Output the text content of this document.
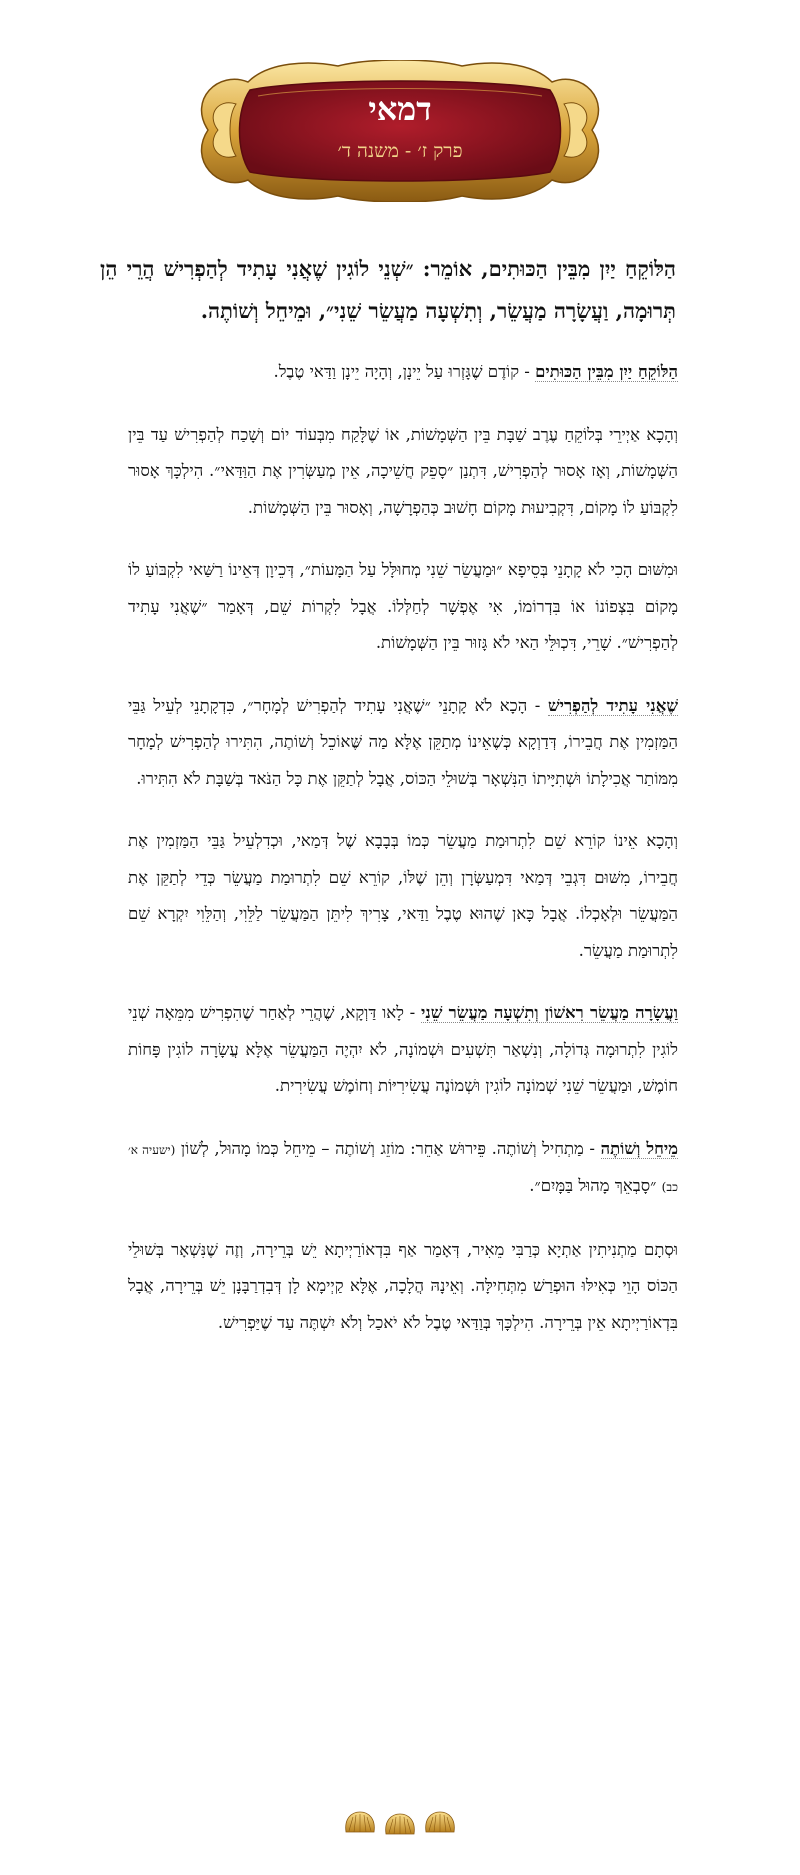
דמאי
פרק ז׳ - משנה ד׳

הַלּוֹקֵחַ יַיִן מִבֵּין הַכּוּתִים, אוֹמֵר: ״שְׁנֵי לוֹגִין שֶׁאֲנִי עָתִיד לְהַפְרִישׁ הֲרֵי הֵן תְּרוּמָה, וַעֲשָׂרָה מַעֲשֵׂר, וְתִשְׁעָה מַעֲשֵׂר שֵׁנִי״, וּמֵיחֵל וְשׁוֹתֶה.

הַלּוֹקֵחַ יַיִן מִבֵּין הַכּוּתִים - קוֹדֶם שֶׁגָּזְרוּ עַל יֵינָן, וְהָיָה יֵינָן וַדַּאי טֶבֶל.

וְהָכָא אַיְירֵי בְּלוֹקֵחַ עֶרֶב שַׁבָּת בֵּין הַשְּׁמָשׁוֹת, אוֹ שֶׁלָּקַח מִבְּעוֹד יוֹם וְשָׁכַח לְהַפְרִישׁ עַד בֵּין הַשְּׁמָשׁוֹת, וְאָז אָסוּר לְהַפְרִישׁ, דִּתְנַן ״סָפֵק חֲשֵׁיכָה, אֵין מְעַשְּׂרִין אֶת הַוַּדַּאי״. הִילְכָּךְ אָסוּר לִקְבּוֹעַ לוֹ מָקוֹם, דִּקְבִיעוּת מָקוֹם חָשׁוּב כְּהַפְרָשָׁה, וְאָסוּר בֵּין הַשְּׁמָשׁוֹת.

וּמִשּׁוּם הָכִי לֹא קָתָנֵי בְּסֵיפָא ״וּמַעֲשֵׂר שֵׁנִי מְחוּלָּל עַל הַמָּעוֹת״, דְּכֵיוָן דְּאֵינוֹ רַשַּׁאי לִקְבּוֹעַ לוֹ מָקוֹם בִּצְפוֹנוֹ אוֹ בִּדְרוֹמוֹ, אִי אֶפְשָׁר לְחַלְּלוֹ. אֲבָל לִקְרוֹת שֵׁם, דְּאָמַר ״שֶׁאֲנִי עָתִיד לְהַפְרִישׁ״. שָׁרֵי, דִּכְוּלֵּי הַאי לֹא גָּזוּר בֵּין הַשְּׁמָשׁוֹת.

שֶׁאֲנִי עָתִיד לְהַפְרִישׁ - הָכָא לֹא קָתָנֵי ״שֶׁאֲנִי עָתִיד לְהַפְרִישׁ לְמָחָר״, כִּדְקָתָנֵי לְעֵיל גַּבֵּי הַמַּזְמִין אֶת חֲבֵירוֹ, דְּדַוְקָא כְּשֶׁאֵינוֹ מְתַקֵּן אֶלָּא מַה שֶּׁאוֹכֵל וְשׁוֹתֶה, הִתִּירוּ לְהַפְרִישׁ לְמָחָר מִמּוֹתַר אֲכִילָתוֹ וּשְׁתִיָּיתוֹ הַנִּשְׁאָר בְּשׁוּלֵי הַכּוֹס, אֲבָל לְתַקֵּן אֶת כָּל הַנֹּאד בְּשַׁבָּת לֹא הִתִּירוּ.

וְהָכָא אֵינוֹ קוֹרֵא שֵׁם לִתְרוּמַת מַעֲשֵׂר כְּמוֹ בְּבָבָא שֶׁל דְּמַאי, וּכְדִלְעֵיל גַּבֵּי הַמַּזְמִין אֶת חֲבֵירוֹ, מִשּׁוּם דִּגְבֵי דְּמַאי דִּמְעַשְּׂרָן וְהֵן שֶׁלּוֹ, קוֹרֵא שֵׁם לִתְרוּמַת מַעֲשֵׂר כְּדֵי לְתַקֵּן אֶת הַמַּעֲשֵׂר וּלְאָכְלוֹ. אֲבָל כָּאן שֶׁהוּא טֶבֶל וַדַּאי, צָרִיךְ לִיתֵּן הַמַּעֲשֵׂר לַלֵּוִי, וְהַלֵּוִי יִקְרָא שֵׁם לִתְרוּמַת מַעֲשֵׂר.

וַעֲשָׂרָה מַעֲשֵׂר רִאשׁוֹן וְתִשְׁעָה מַעֲשֵׂר שֵׁנִי - לָאו דַּוְקָא, שֶׁהֲרֵי לְאַחַר שֶׁהִפְרִישׁ מִמֵּאָה שְׁנֵי לוֹגִין לִתְרוּמָה גְּדוֹלָה, וְנִשְׁאַר תִּשְׁעִים וּשְׁמוֹנָה, לֹא יִהְיֶה הַמַּעֲשֵׂר אֶלָּא עֲשָׂרָה לוֹגִין פָּחוֹת חוֹמֶשׁ, וּמַעֲשֵׂר שֵׁנִי שְׁמוֹנָה לוֹגִין וּשְׁמוֹנֶה עֲשִׂירִיּוֹת וְחוֹמֶשׁ עֲשִׂירִית.

מֵיחֵל וְשׁוֹתֶה - מַתְחִיל וְשׁוֹתֶה. פֵּירוּשׁ אַחֵר: מוֹזֵג וְשׁוֹתֶה – מֵיחֵל כְּמוֹ מָהוּל, לְשׁוֹן (ישעיה א׳ כב) ״סָבְאֵךְ מָהוּל בַּמָּיִם״.

וּסְתָם מַתְנִיתִין אַתְיָא כְּרַבִּי מֵאִיר, דְּאָמַר אַף בִּדְאוֹרַיְיתָא יֵשׁ בְּרֵירָה, וְזֶה שֶׁנִּשְׁאָר בְּשׁוּלֵי הַכּוֹס הָוֵי כְּאִילּוּ הוּפְרַשׁ מִתְּחִילָּה. וְאֵינָהּ הֲלָכָה, אֶלָּא קַיְימָא לָן דְּבִדְרַבָּנָן יֵשׁ בְּרֵירָה, אֲבָל בִּדְאוֹרַיְיתָא אֵין בְּרֵירָה. הִילְכָּךְ בְּוַדַּאי טֶבֶל לֹא יֹאכַל וְלֹא יִשְׁתֶּה עַד שֶׁיַּפְרִישׁ.
